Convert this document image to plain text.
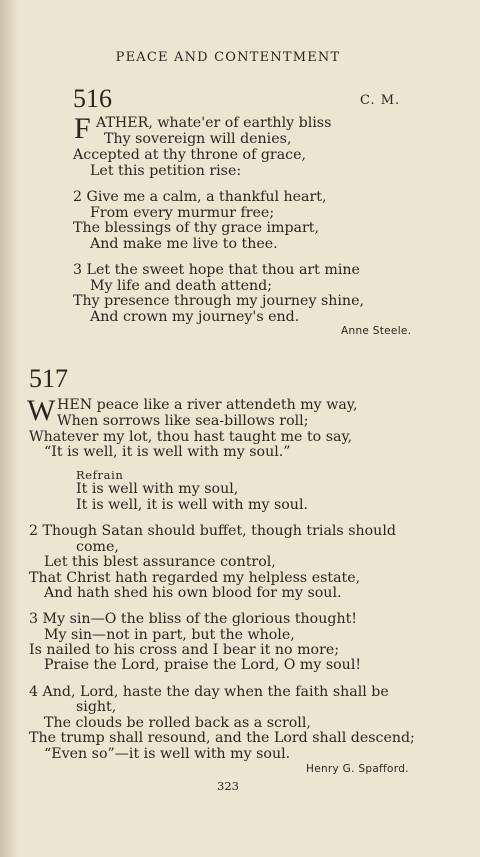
PEACE AND CONTENTMENT
516	C. M.
F ATHER, whate'er of earthly bliss
Thy sovereign will denies,
Accepted at thy throne of grace,
Let this petition rise:
2 Give me a calm, a thankful heart,
From every murmur free;
The blessings of thy grace impart,
And make me live to thee.
3 Let the sweet hope that thou art mine
My life and death attend;
Thy presence through my journey shine,
And crown my journey's end.
Anne Steele.
517
W HEN peace like a river attendeth my way,
When sorrows like sea-billows roll;
Whatever my lot, thou hast taught me to say,
“It is well, it is well with my soul.”
Refrain
It is well with my soul,
It is well, it is well with my soul.
2 Though Satan should buffet, though trials should
come,
Let this blest assurance control,
That Christ hath regarded my helpless estate,
And hath shed his own blood for my soul.
3 My sin—O the bliss of the glorious thought!
My sin—not in part, but the whole,
Is nailed to his cross and I bear it no more;
Praise the Lord, praise the Lord, O my soul!
4 And, Lord, haste the day when the faith shall be
sight,
The clouds be rolled back as a scroll,
The trump shall resound, and the Lord shall descend;
“Even so”—it is well with my soul.
Henry G. Spafford.
323
